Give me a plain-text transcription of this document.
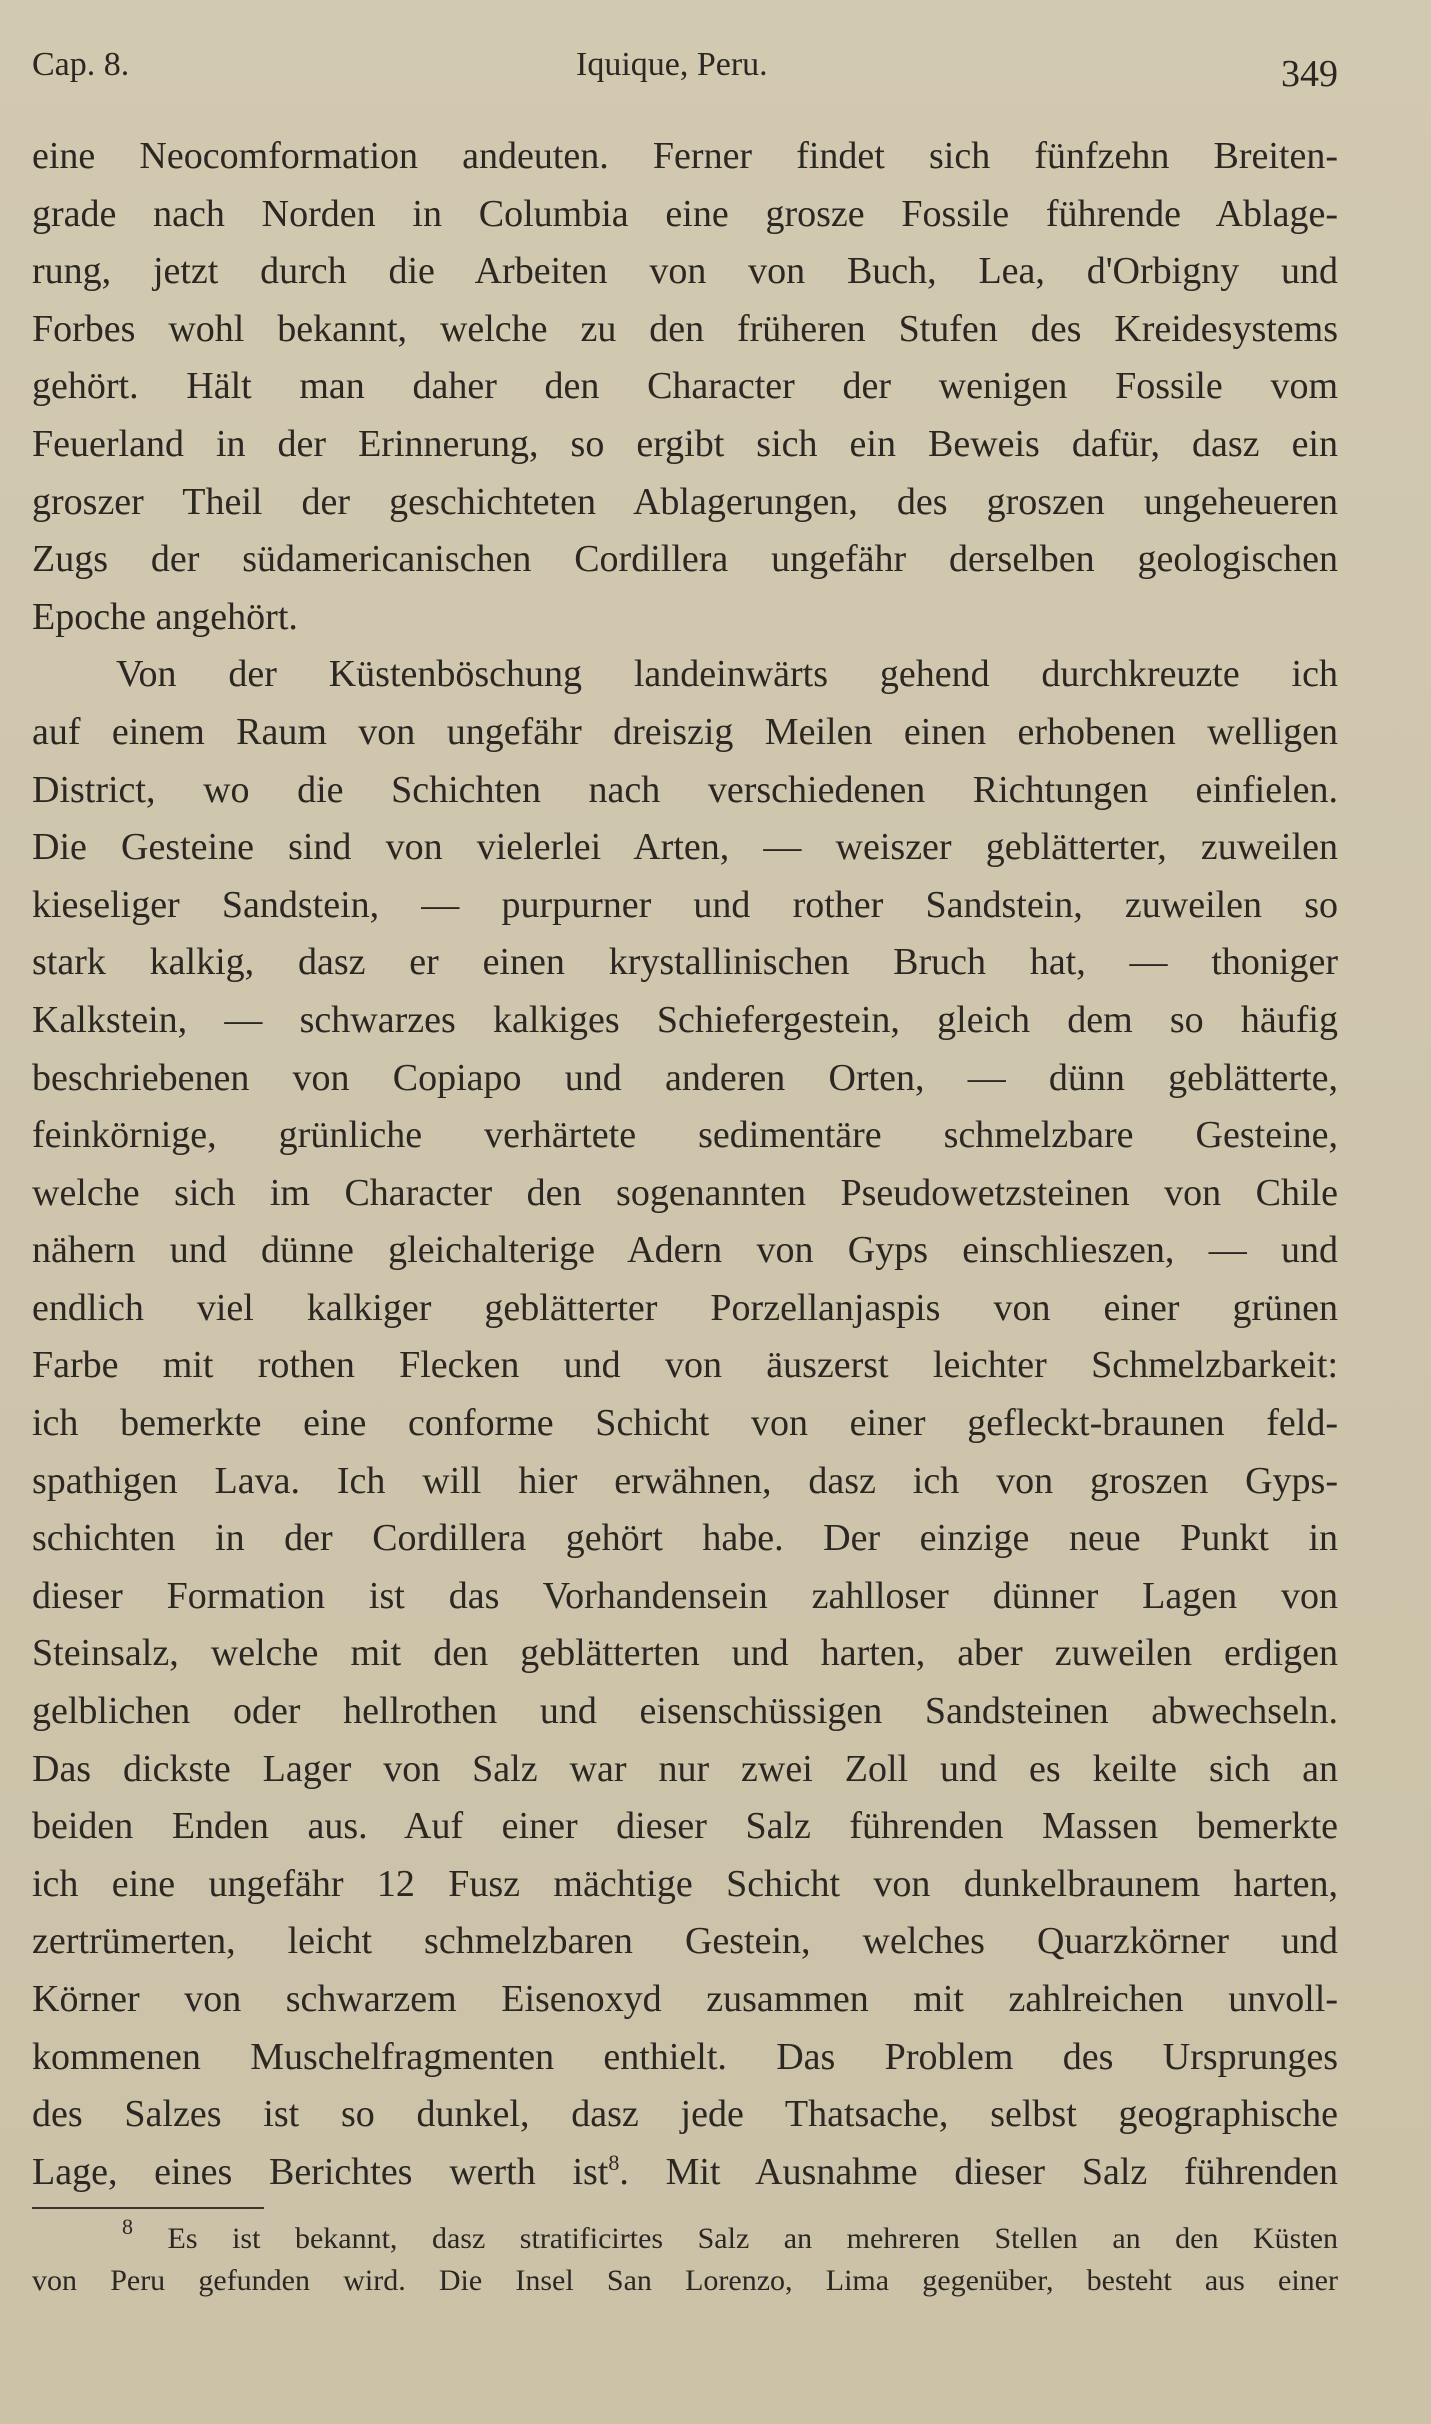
Cap. 8.	Iquique, Peru.	349
eine Neocomformation andeuten. Ferner findet sich fünfzehn Breiten-
grade nach Norden in Columbia eine grosze Fossile führende Ablage-
rung, jetzt durch die Arbeiten von von Buch, Lea, d'Orbigny und
Forbes wohl bekannt, welche zu den früheren Stufen des Kreidesystems
gehört. Hält man daher den Character der wenigen Fossile vom
Feuerland in der Erinnerung, so ergibt sich ein Beweis dafür, dasz ein
groszer Theil der geschichteten Ablagerungen, des groszen ungeheueren
Zugs der südamericanischen Cordillera ungefähr derselben geologischen
Epoche angehört.
Von der Küstenböschung landeinwärts gehend durchkreuzte ich
auf einem Raum von ungefähr dreiszig Meilen einen erhobenen welligen
District, wo die Schichten nach verschiedenen Richtungen einfielen.
Die Gesteine sind von vielerlei Arten, — weiszer geblätterter, zuweilen
kieseliger Sandstein, — purpurner und rother Sandstein, zuweilen so
stark kalkig, dasz er einen krystallinischen Bruch hat, — thoniger
Kalkstein, — schwarzes kalkiges Schiefergestein, gleich dem so häufig
beschriebenen von Copiapo und anderen Orten, — dünn geblätterte,
feinkörnige, grünliche verhärtete sedimentäre schmelzbare Gesteine,
welche sich im Character den sogenannten Pseudowetzsteinen von Chile
nähern und dünne gleichalterige Adern von Gyps einschlieszen, — und
endlich viel kalkiger geblätterter Porzellanjaspis von einer grünen
Farbe mit rothen Flecken und von äuszerst leichter Schmelzbarkeit:
ich bemerkte eine conforme Schicht von einer gefleckt-braunen feld-
spathigen Lava. Ich will hier erwähnen, dasz ich von groszen Gyps-
schichten in der Cordillera gehört habe. Der einzige neue Punkt in
dieser Formation ist das Vorhandensein zahlloser dünner Lagen von
Steinsalz, welche mit den geblätterten und harten, aber zuweilen erdigen
gelblichen oder hellrothen und eisenschüssigen Sandsteinen abwechseln.
Das dickste Lager von Salz war nur zwei Zoll und es keilte sich an
beiden Enden aus. Auf einer dieser Salz führenden Massen bemerkte
ich eine ungefähr 12 Fusz mächtige Schicht von dunkelbraunem harten,
zertrümerten, leicht schmelzbaren Gestein, welches Quarzkörner und
Körner von schwarzem Eisenoxyd zusammen mit zahlreichen unvoll-
kommenen Muschelfragmenten enthielt. Das Problem des Ursprunges
des Salzes ist so dunkel, dasz jede Thatsache, selbst geographische
Lage, eines Berichtes werth ist$^8$. Mit Ausnahme dieser Salz führenden
$^8$ Es ist bekannt, dasz stratificirtes Salz an mehreren Stellen an den Küsten
von Peru gefunden wird. Die Insel San Lorenzo, Lima gegenüber, besteht aus einer
